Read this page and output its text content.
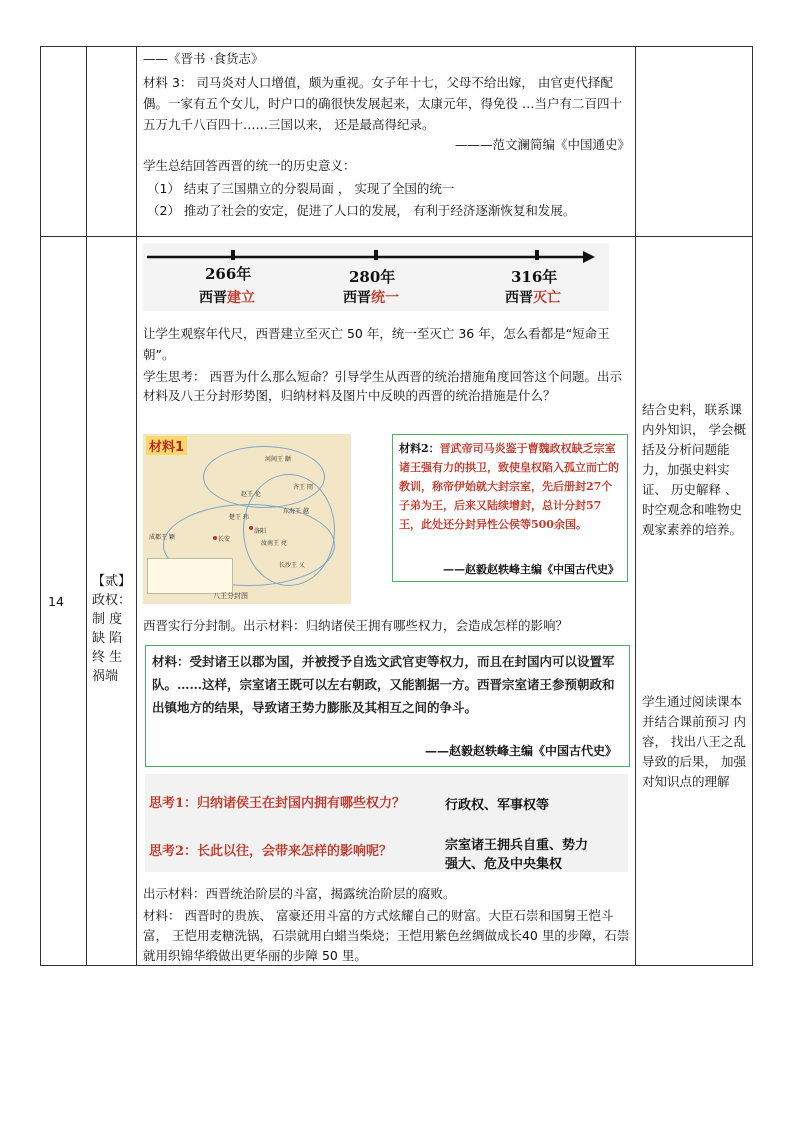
——《晋书 ·食货志》
材料 3： 司马炎对人口增值，颇为重视。女子年十七，父母不给出嫁， 由官吏代择配偶。一家有五个女儿，时户口的确很快发展起来，太康元年，得免役 …当户有二百四十五万九千八百四十……三国以来， 还是最高得纪录。
———范文澜简编《中国通史》
学生总结回答西晋的统一的历史意义：
（1） 结束了三国鼎立的分裂局面 ， 实现了全国的统一
（2） 推动了社会的安定，促进了人口的发展， 有利于经济逐渐恢复和发展。
14
【贰】政权：制 度缺 陷终 生祸端
266年	280年	316年
西晋建立	西晋统一	西晋灭亡
让学生观察年代尺，西晋建立至灭亡 50 年，统一至灭亡 36 年，怎么看都是“短命王朝”。
学生思考： 西晋为什么那么短命？引导学生从西晋的统治措施角度回答这个问题。出示材料及八王分封形势图，归纳材料及图片中反映的西晋的统治措施是什么？
材料1
河间王 颙
齐王 冏
赵王 伦
东海王 越
楚王 玮
成都王 颖
长沙王 乂
洛阳
长安
汝南王 亮
八王分封图
材料2：晋武帝司马炎鉴于曹魏政权缺乏宗室诸王强有力的拱卫，致使皇权陷入孤立而亡的教训，称帝伊始就大封宗室，先后册封27个子弟为王，后来又陆续增封，总计分封57王，此处还分封异性公侯等500余国。
——赵毅赵轶峰主编《中国古代史》
西晋实行分封制。出示材料：归纳诸侯王拥有哪些权力，会造成怎样的影响？
材料：受封诸王以郡为国，并被授予自选文武官吏等权力，而且在封国内可以设置军队。……这样，宗室诸王既可以左右朝政，又能割据一方。西晋宗室诸王参预朝政和出镇地方的结果，导致诸王势力膨胀及其相互之间的争斗。
——赵毅赵轶峰主编《中国古代史》
思考1：归纳诸侯王在封国内拥有哪些权力？	行政权、军事权等
思考2：长此以往，会带来怎样的影响呢？	宗室诸王拥兵自重、势力
强大、危及中央集权
出示材料：西晋统治阶层的斗富，揭露统治阶层的腐败。
材料： 西晋时的贵族、 富豪还用斗富的方式炫耀自己的财富。大臣石崇和国舅王恺斗富， 王恺用麦糖洗锅，石崇就用白蜡当柴烧；王恺用紫色丝绸做成长40 里的步障，石崇就用织锦华缎做出更华丽的步障 50 里。
结合史料，联系课内外知识， 学会概括及分析问题能力，加强史料实证、 历史解释 、 时空观念和唯物史观家素养的培养。
学生通过阅读课本并结合课前预习 内容， 找出八王之乱导致的后果， 加强对知识点的理解
